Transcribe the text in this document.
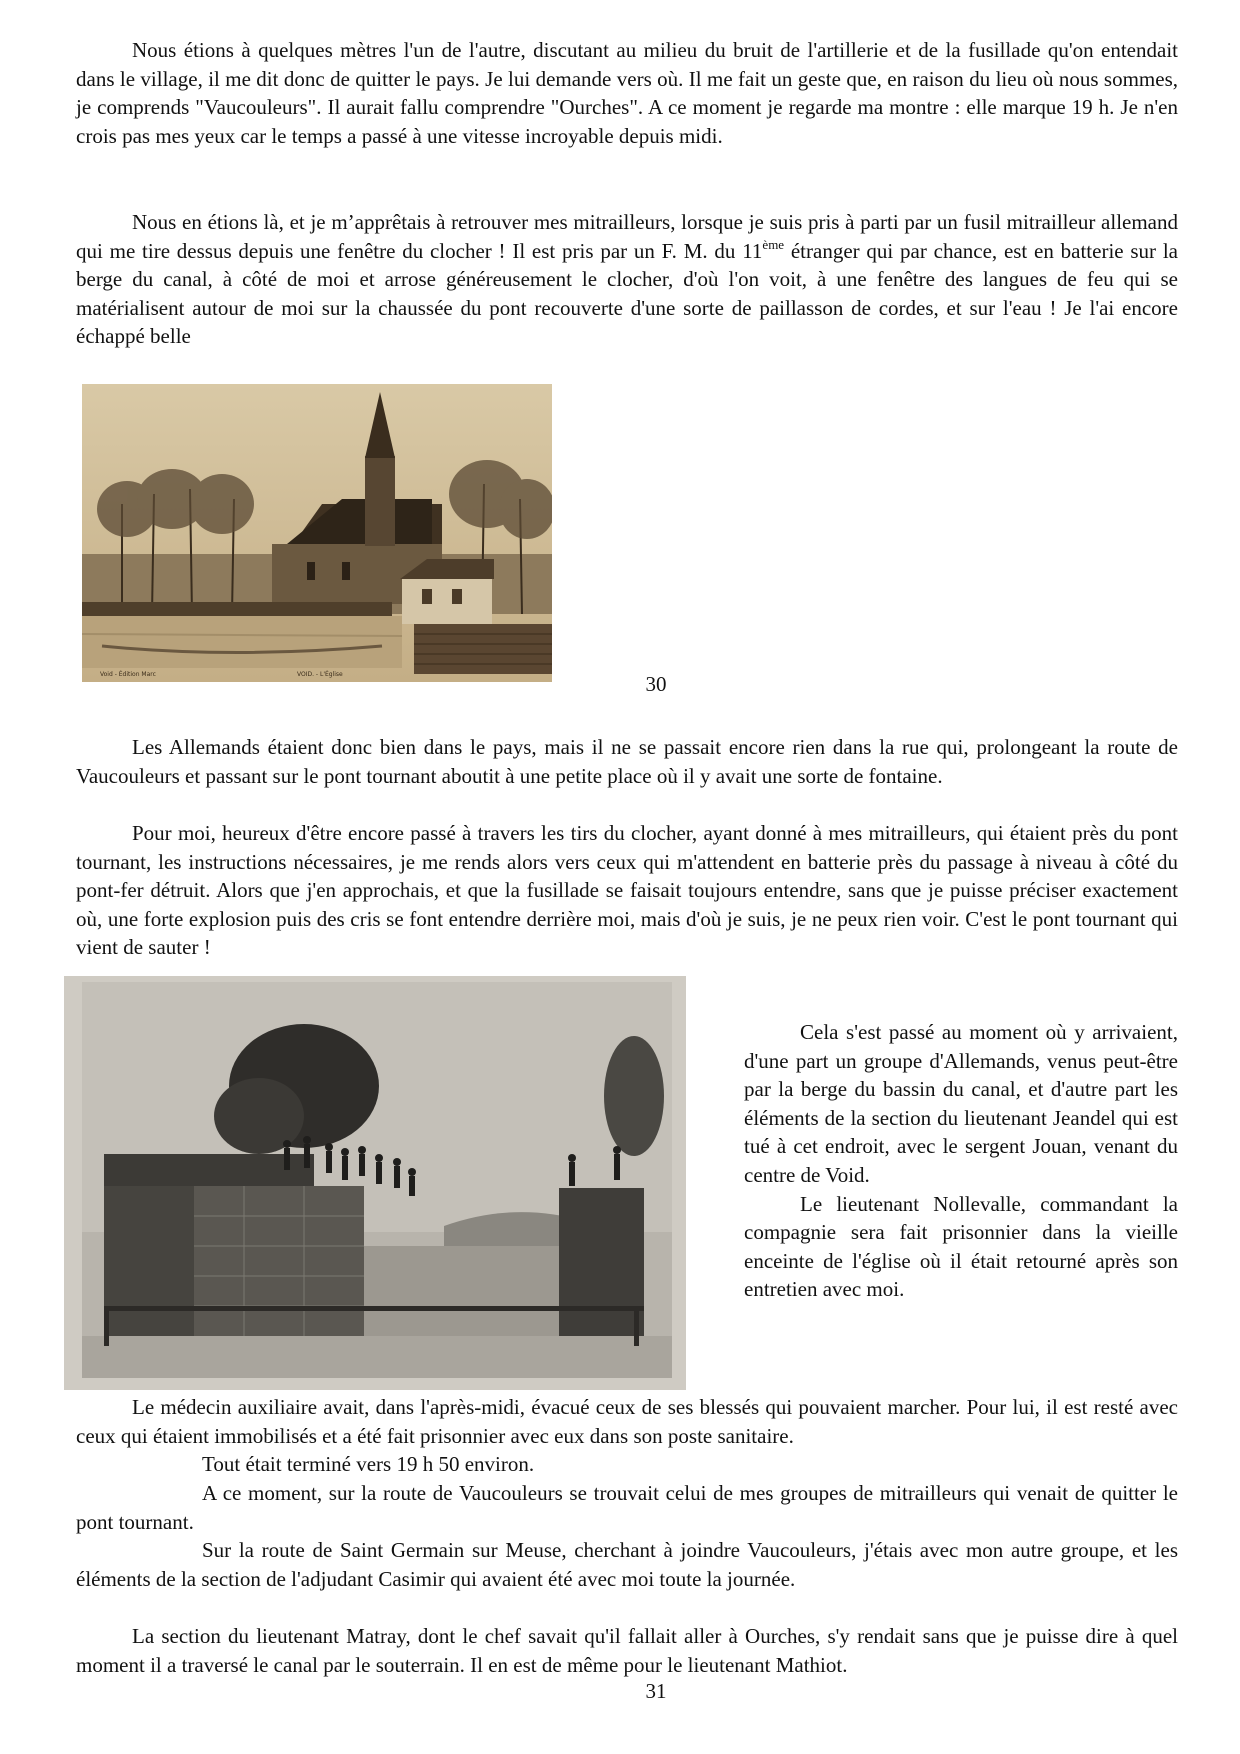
Nous étions à quelques mètres l'un de l'autre, discutant au milieu du bruit de l'artillerie et de la fusillade qu'on entendait dans le village, il me dit donc de quitter le pays. Je lui demande vers où. Il me fait un geste que, en raison du lieu où nous sommes, je comprends "Vaucouleurs". Il aurait fallu comprendre "Ourches". A ce moment je regarde ma montre : elle marque 19 h. Je n'en crois pas mes yeux car le temps a passé à une vitesse incroyable depuis midi.

Nous en étions là, et je m’apprêtais à retrouver mes mitrailleurs, lorsque je suis pris à parti par un fusil mitrailleur allemand qui me tire dessus depuis une fenêtre du clocher ! Il est pris par un F. M. du 11ème étranger qui par chance, est en batterie sur la berge du canal, à côté de moi et arrose généreusement le clocher, d'où l'on voit, à une fenêtre des langues de feu qui se matérialisent autour de moi sur la chaussée du pont recouverte d'une sorte de paillasson de cordes, et sur l'eau ! Je l'ai encore échappé belle

Void - Édition Marc	VOID. - L'Église	30

Les Allemands étaient donc bien dans le pays, mais il ne se passait encore rien dans la rue qui, prolongeant la route de Vaucouleurs et passant sur le pont tournant aboutit à une petite place où il y avait une sorte de fontaine.

Pour moi, heureux d'être encore passé à travers les tirs du clocher, ayant donné à mes mitrailleurs, qui étaient près du pont tournant, les instructions nécessaires, je me rends alors vers ceux qui m'attendent en batterie près du passage à niveau à côté du pont-fer détruit. Alors que j'en approchais, et que la fusillade se faisait toujours entendre, sans que je puisse préciser exactement où, une forte explosion puis des cris se font entendre derrière moi, mais d'où je suis, je ne peux rien voir. C'est le pont tournant qui vient de sauter !

Cela s'est passé au moment où y arrivaient, d'une part un groupe d'Allemands, venus peut-être par la berge du bassin du canal, et d'autre part les éléments de la section du lieutenant Jeandel qui est tué à cet endroit, avec le sergent Jouan, venant du centre de Void.

Le lieutenant Nollevalle, commandant la compagnie sera fait prisonnier dans la vieille enceinte de l'église où il était retourné après son entretien avec moi.

Le médecin auxiliaire avait, dans l'après-midi, évacué ceux de ses blessés qui pouvaient marcher. Pour lui, il est resté avec ceux qui étaient immobilisés et a été fait prisonnier avec eux dans son poste sanitaire.

Tout était terminé vers 19 h 50 environ.

A ce moment, sur la route de Vaucouleurs se trouvait celui de mes groupes de mitrailleurs qui venait de quitter le pont tournant.

Sur la route de Saint Germain sur Meuse, cherchant à joindre Vaucouleurs, j'étais avec mon autre groupe, et les éléments de la section de l'adjudant Casimir qui avaient été avec moi toute la journée.

La section du lieutenant Matray, dont le chef savait qu'il fallait aller à Ourches, s'y rendait sans que je puisse dire à quel moment il a traversé le canal par le souterrain. Il en est de même pour le lieutenant Mathiot.

31
